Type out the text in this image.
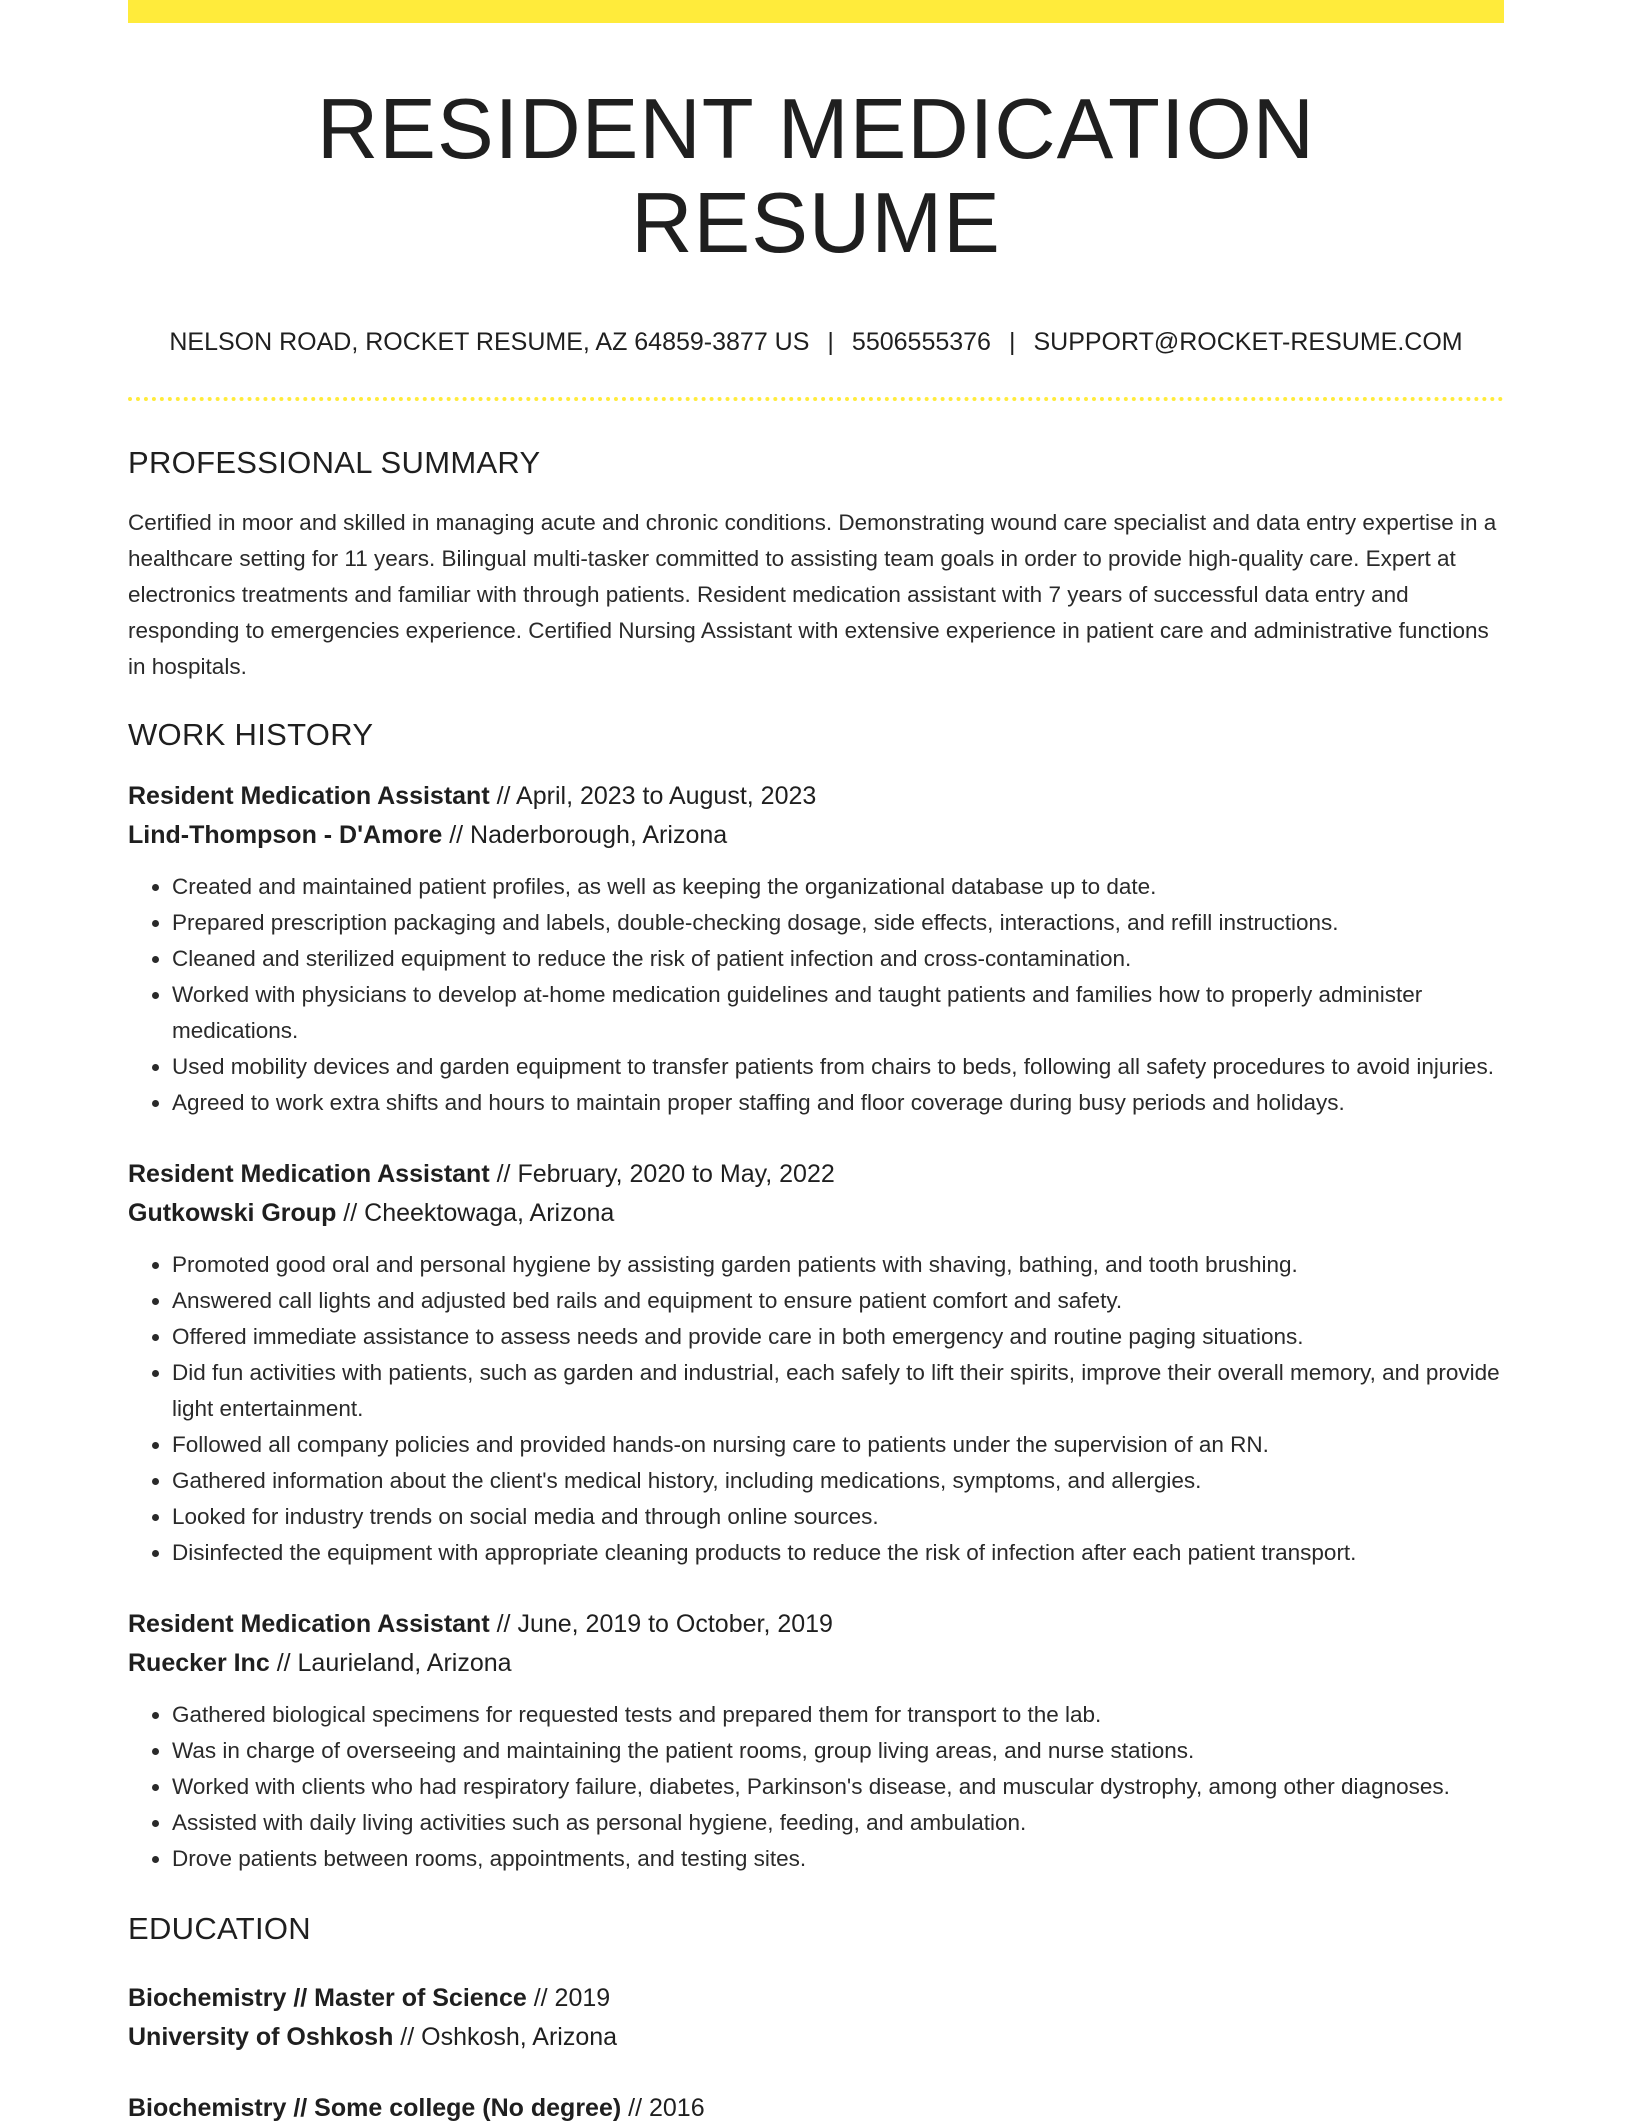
RESIDENT MEDICATION RESUME
NELSON ROAD, ROCKET RESUME, AZ 64859-3877 US | 5506555376 | SUPPORT@ROCKET-RESUME.COM
PROFESSIONAL SUMMARY

Certified in moor and skilled in managing acute and chronic conditions. Demonstrating wound care specialist and data entry expertise in a healthcare setting for 11 years. Bilingual multi-tasker committed to assisting team goals in order to provide high-quality care. Expert at electronics treatments and familiar with through patients. Resident medication assistant with 7 years of successful data entry and responding to emergencies experience. Certified Nursing Assistant with extensive experience in patient care and administrative functions in hospitals.

WORK HISTORY
Resident Medication Assistant // April, 2023 to August, 2023
Lind-Thompson - D'Amore // Naderborough, Arizona
• Created and maintained patient profiles, as well as keeping the organizational database up to date.
• Prepared prescription packaging and labels, double-checking dosage, side effects, interactions, and refill instructions.
• Cleaned and sterilized equipment to reduce the risk of patient infection and cross-contamination.
• Worked with physicians to develop at-home medication guidelines and taught patients and families how to properly administer medications.
• Used mobility devices and garden equipment to transfer patients from chairs to beds, following all safety procedures to avoid injuries.
• Agreed to work extra shifts and hours to maintain proper staffing and floor coverage during busy periods and holidays.
Resident Medication Assistant // February, 2020 to May, 2022
Gutkowski Group // Cheektowaga, Arizona
• Promoted good oral and personal hygiene by assisting garden patients with shaving, bathing, and tooth brushing.
• Answered call lights and adjusted bed rails and equipment to ensure patient comfort and safety.
• Offered immediate assistance to assess needs and provide care in both emergency and routine paging situations.
• Did fun activities with patients, such as garden and industrial, each safely to lift their spirits, improve their overall memory, and provide light entertainment.
• Followed all company policies and provided hands-on nursing care to patients under the supervision of an RN.
• Gathered information about the client's medical history, including medications, symptoms, and allergies.
• Looked for industry trends on social media and through online sources.
• Disinfected the equipment with appropriate cleaning products to reduce the risk of infection after each patient transport.
Resident Medication Assistant // June, 2019 to October, 2019
Ruecker Inc // Laurieland, Arizona
• Gathered biological specimens for requested tests and prepared them for transport to the lab.
• Was in charge of overseeing and maintaining the patient rooms, group living areas, and nurse stations.
• Worked with clients who had respiratory failure, diabetes, Parkinson's disease, and muscular dystrophy, among other diagnoses.
• Assisted with daily living activities such as personal hygiene, feeding, and ambulation.
• Drove patients between rooms, appointments, and testing sites.
EDUCATION
Biochemistry // Master of Science // 2019
University of Oshkosh // Oshkosh, Arizona
Biochemistry // Some college (No degree) // 2016
